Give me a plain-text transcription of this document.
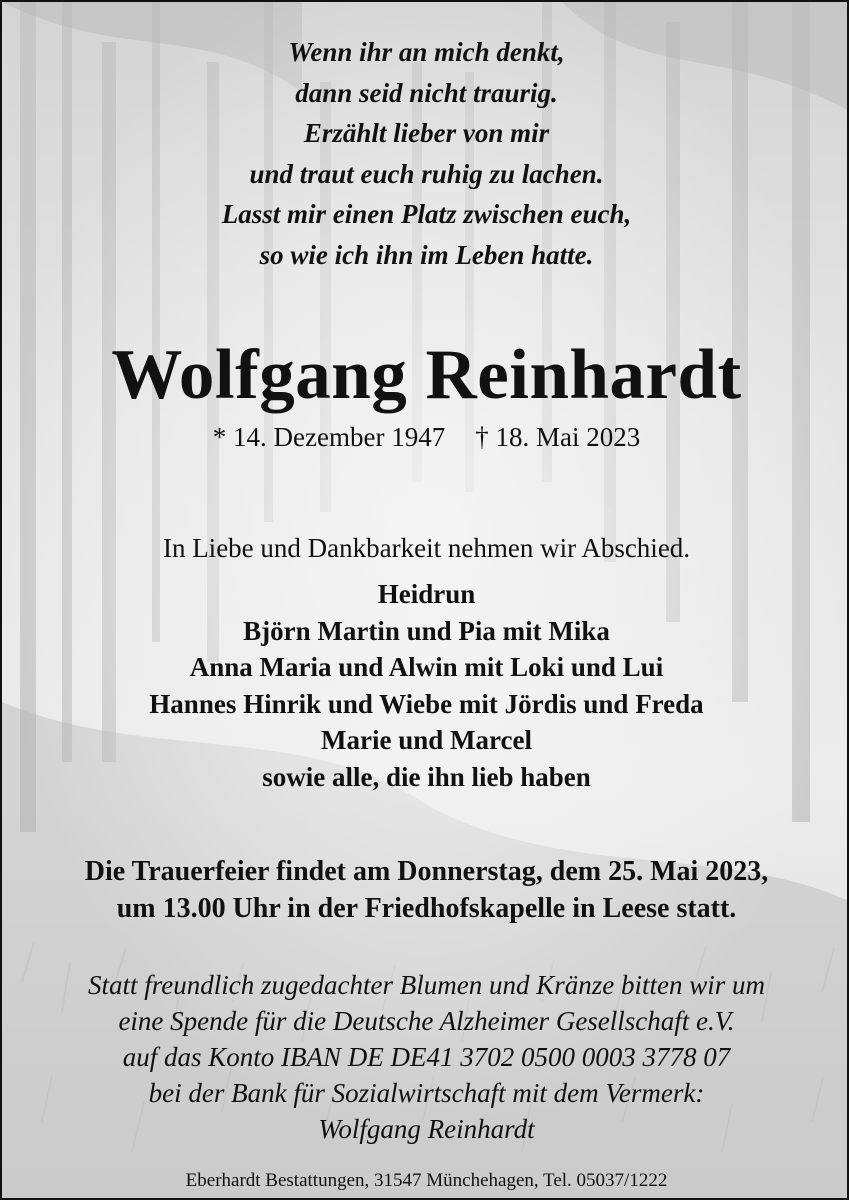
Wenn ihr an mich denkt,
dann seid nicht traurig.
Erzählt lieber von mir
und traut euch ruhig zu lachen.
Lasst mir einen Platz zwischen euch,
so wie ich ihn im Leben hatte.
Wolfgang Reinhardt
* 14. Dezember 1947 † 18. Mai 2023
In Liebe und Dankbarkeit nehmen wir Abschied.
Heidrun
Björn Martin und Pia mit Mika
Anna Maria und Alwin mit Loki und Lui
Hannes Hinrik und Wiebe mit Jördis und Freda
Marie und Marcel
sowie alle, die ihn lieb haben
Die Trauerfeier findet am Donnerstag, dem 25. Mai 2023,
um 13.00 Uhr in der Friedhofskapelle in Leese statt.
Statt freundlich zugedachter Blumen und Kränze bitten wir um
eine Spende für die Deutsche Alzheimer Gesellschaft e.V.
auf das Konto IBAN DE DE41 3702 0500 0003 3778 07
bei der Bank für Sozialwirtschaft mit dem Vermerk:
Wolfgang Reinhardt
Eberhardt Bestattungen, 31547 Münchehagen, Tel. 05037/1222
